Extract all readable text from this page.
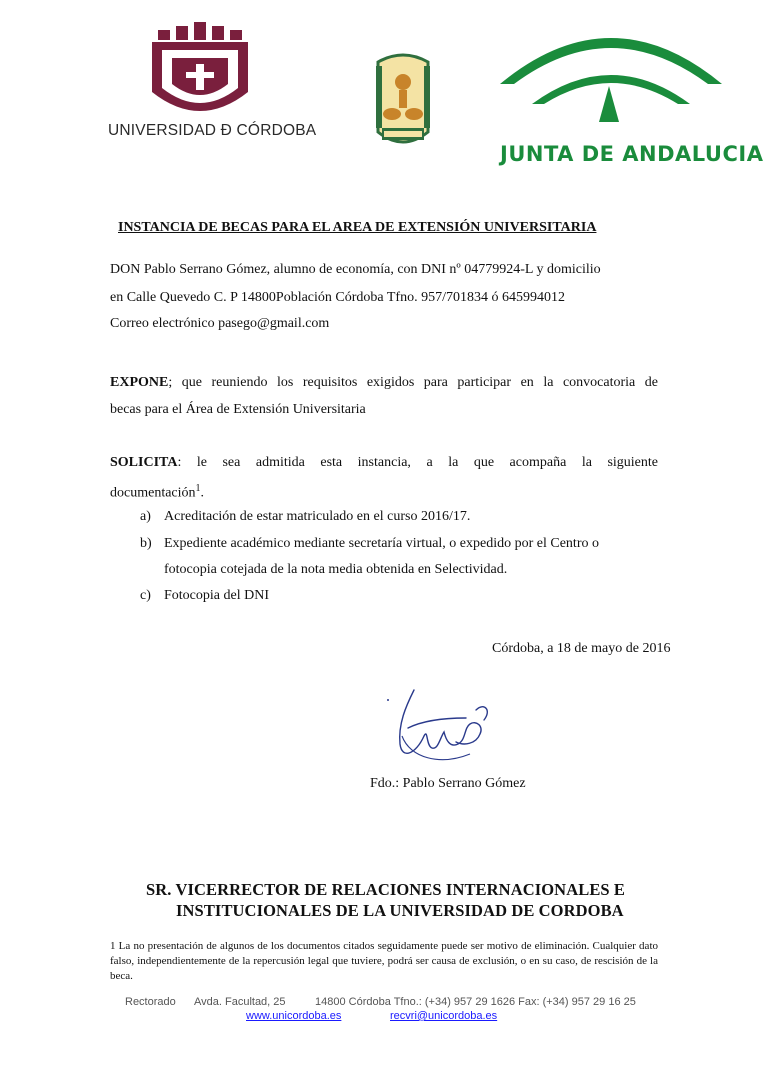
UNIVERSIDAD Ð CÓRDOBA
JUNTA DE ANDALUCIA
INSTANCIA DE BECAS PARA EL AREA DE EXTENSIÓN UNIVERSITARIA
DON Pablo Serrano Gómez, alumno de economía, con DNI nº 04779924-L y domicilio
en Calle Quevedo C. P 14800Población Córdoba Tfno. 957/701834 ó 645994012
Correo electrónico pasego@gmail.com
EXPONE; que reuniendo los requisitos exigidos para participar en la convocatoria de
becas para el Área de Extensión Universitaria
SOLICITA: le sea admitida esta instancia, a la que acompaña la siguiente
documentación$^1$.
a) Acreditación de estar matriculado en el curso 2016/17.
b) Expediente académico mediante secretaría virtual, o expedido por el Centro o
fotocopia cotejada de la nota media obtenida en Selectividad.
c) Fotocopia del DNI
Córdoba, a 18 de mayo de 2016
Fdo.: Pablo Serrano Gómez
SR. VICERRECTOR DE RELACIONES INTERNACIONALES E
INSTITUCIONALES DE LA UNIVERSIDAD DE CORDOBA
1 La no presentación de algunos de los documentos citados seguidamente puede ser motivo de eliminación. Cualquier dato falso, independientemente de la repercusión legal que tuviere, podrá ser causa de exclusión, o en su caso, de rescisión de la beca.
Rectorado Avda. Facultad, 25	14800 Córdoba Tfno.: (+34) 957 29 1626 Fax: (+34) 957 29 16 25
www.unicordoba.es	recvri@unicordoba.es
